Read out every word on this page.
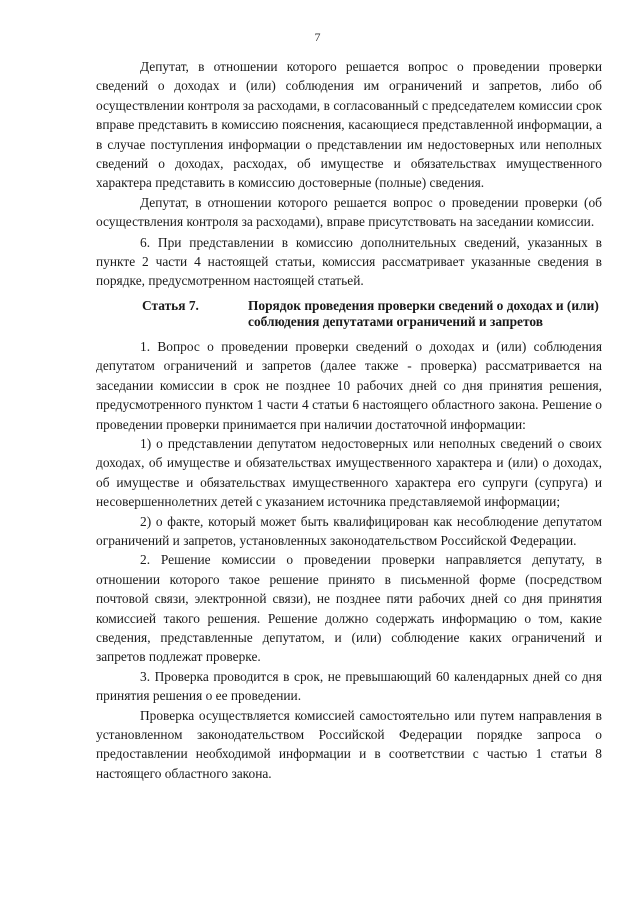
7

Депутат, в отношении которого решается вопрос о проведении проверки сведений о доходах и (или) соблюдения им ограничений и запретов, либо об осуществлении контроля за расходами, в согласованный с председателем комиссии срок вправе представить в комиссию пояснения, касающиеся представленной информации, а в случае поступления информации о представлении им недостоверных или неполных сведений о доходах, расходах, об имуществе и обязательствах имущественного характера представить в комиссию достоверные (полные) сведения.

Депутат, в отношении которого решается вопрос о проведении проверки (об осуществления контроля за расходами), вправе присутствовать на заседании комиссии.

6. При представлении в комиссию дополнительных сведений, указанных в пункте 2 части 4 настоящей статьи, комиссия рассматривает указанные сведения в порядке, предусмотренном настоящей статьей.

Статья 7.	Порядок проведения проверки сведений о доходах и (или) соблюдения депутатами ограничений и запретов

1. Вопрос о проведении проверки сведений о доходах и (или) соблюдения депутатом ограничений и запретов (далее также - проверка) рассматривается на заседании комиссии в срок не позднее 10 рабочих дней со дня принятия решения, предусмотренного пунктом 1 части 4 статьи 6 настоящего областного закона. Решение о проведении проверки принимается при наличии достаточной информации:

1) о представлении депутатом недостоверных или неполных сведений о своих доходах, об имуществе и обязательствах имущественного характера и (или) о доходах, об имуществе и обязательствах имущественного характера его супруги (супруга) и несовершеннолетних детей с указанием источника представляемой информации;

2) о факте, который может быть квалифицирован как несоблюдение депутатом ограничений и запретов, установленных законодательством Российской Федерации.

2. Решение комиссии о проведении проверки направляется депутату, в отношении которого такое решение принято в письменной форме (посредством почтовой связи, электронной связи), не позднее пяти рабочих дней со дня принятия комиссией такого решения. Решение должно содержать информацию о том, какие сведения, представленные депутатом, и (или) соблюдение каких ограничений и запретов подлежат проверке.

3. Проверка проводится в срок, не превышающий 60 календарных дней со дня принятия решения о ее проведении.

Проверка осуществляется комиссией самостоятельно или путем направления в установленном законодательством Российской Федерации порядке запроса о предоставлении необходимой информации и в соответствии с частью 1 статьи 8 настоящего областного закона.
